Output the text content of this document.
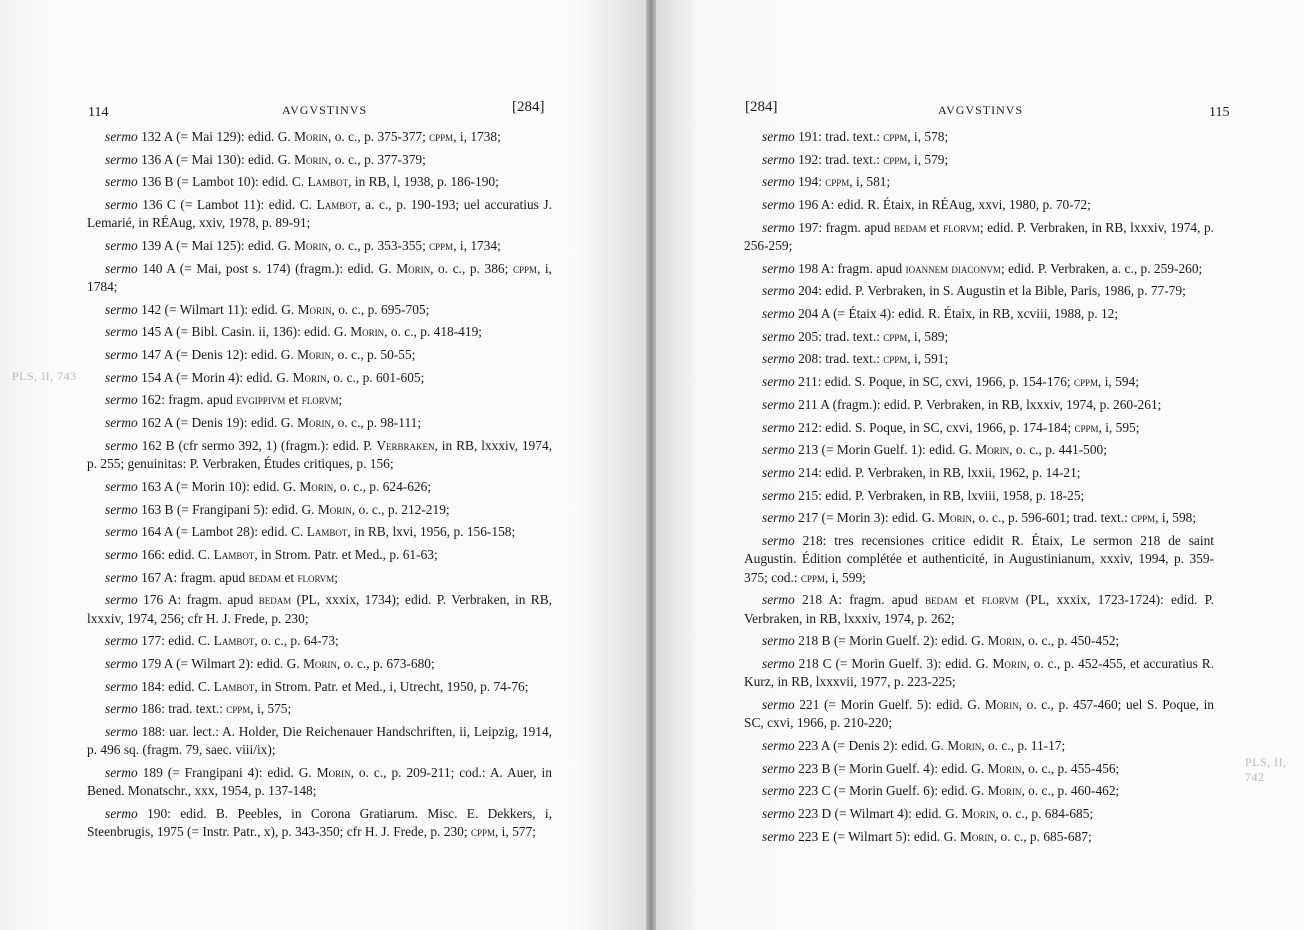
PLS, II, 743
PLS, II, 742
114	AVGVSTINVS	[284]	[284]	AVGVSTINVS	115

sermo 132 A (= Mai 129): edid. G. Morin, o. c., p. 375-377; cppm, i, 1738;

sermo 136 A (= Mai 130): edid. G. Morin, o. c., p. 377-379;

sermo 136 B (= Lambot 10): edid. C. Lambot, in RB, l, 1938, p. 186-190;

sermo 136 C (= Lambot 11): edid. C. Lambot, a. c., p. 190-193; uel accuratius J. Lemarié, in RÉAug, xxiv, 1978, p. 89-91;

sermo 139 A (= Mai 125): edid. G. Morin, o. c., p. 353-355; cppm, i, 1734;

sermo 140 A (= Mai, post s. 174) (fragm.): edid. G. Morin, o. c., p. 386; cppm, i, 1784;

sermo 142 (= Wilmart 11): edid. G. Morin, o. c., p. 695-705;

sermo 145 A (= Bibl. Casin. ii, 136): edid. G. Morin, o. c., p. 418-419;

sermo 147 A (= Denis 12): edid. G. Morin, o. c., p. 50-55;

sermo 154 A (= Morin 4): edid. G. Morin, o. c., p. 601-605;

sermo 162: fragm. apud evgippivm et florvm;

sermo 162 A (= Denis 19): edid. G. Morin, o. c., p. 98-111;

sermo 162 B (cfr sermo 392, 1) (fragm.): edid. P. Verbraken, in RB, lxxxiv, 1974, p. 255; genuinitas: P. Verbraken, Études critiques, p. 156;

sermo 163 A (= Morin 10): edid. G. Morin, o. c., p. 624-626;

sermo 163 B (= Frangipani 5): edid. G. Morin, o. c., p. 212-219;

sermo 164 A (= Lambot 28): edid. C. Lambot, in RB, lxvi, 1956, p. 156-158;

sermo 166: edid. C. Lambot, in Strom. Patr. et Med., p. 61-63;

sermo 167 A: fragm. apud bedam et florvm;

sermo 176 A: fragm. apud bedam (PL, xxxix, 1734); edid. P. Verbraken, in RB, lxxxiv, 1974, 256; cfr H. J. Frede, p. 230;

sermo 177: edid. C. Lambot, o. c., p. 64-73;

sermo 179 A (= Wilmart 2): edid. G. Morin, o. c., p. 673-680;

sermo 184: edid. C. Lambot, in Strom. Patr. et Med., i, Utrecht, 1950, p. 74-76;

sermo 186: trad. text.: cppm, i, 575;

sermo 188: uar. lect.: A. Holder, Die Reichenauer Handschriften, ii, Leipzig, 1914, p. 496 sq. (fragm. 79, saec. viii/ix);

sermo 189 (= Frangipani 4): edid. G. Morin, o. c., p. 209-211; cod.: A. Auer, in Bened. Monatschr., xxx, 1954, p. 137-148;

sermo 190: edid. B. Peebles, in Corona Gratiarum. Misc. E. Dekkers, i, Steenbrugis, 1975 (= Instr. Patr., x), p. 343-350; cfr H. J. Frede, p. 230; cppm, i, 577;

sermo 191: trad. text.: cppm, i, 578;

sermo 192: trad. text.: cppm, i, 579;

sermo 194: cppm, i, 581;

sermo 196 A: edid. R. Étaix, in RÉAug, xxvi, 1980, p. 70-72;

sermo 197: fragm. apud bedam et florvm; edid. P. Verbraken, in RB, lxxxiv, 1974, p. 256-259;

sermo 198 A: fragm. apud ioannem diaconvm; edid. P. Verbraken, a. c., p. 259-260;

sermo 204: edid. P. Verbraken, in S. Augustin et la Bible, Paris, 1986, p. 77-79;

sermo 204 A (= Étaix 4): edid. R. Étaix, in RB, xcviii, 1988, p. 12;

sermo 205: trad. text.: cppm, i, 589;

sermo 208: trad. text.: cppm, i, 591;

sermo 211: edid. S. Poque, in SC, cxvi, 1966, p. 154-176; cppm, i, 594;

sermo 211 A (fragm.): edid. P. Verbraken, in RB, lxxxiv, 1974, p. 260-261;

sermo 212: edid. S. Poque, in SC, cxvi, 1966, p. 174-184; cppm, i, 595;

sermo 213 (= Morin Guelf. 1): edid. G. Morin, o. c., p. 441-500;

sermo 214: edid. P. Verbraken, in RB, lxxii, 1962, p. 14-21;

sermo 215: edid. P. Verbraken, in RB, lxviii, 1958, p. 18-25;

sermo 217 (= Morin 3): edid. G. Morin, o. c., p. 596-601; trad. text.: cppm, i, 598;

sermo 218: tres recensiones critice edidit R. Étaix, Le sermon 218 de saint Augustin. Édition complétée et authenticité, in Augustinianum, xxxiv, 1994, p. 359-375; cod.: cppm, i, 599;

sermo 218 A: fragm. apud bedam et florvm (PL, xxxix, 1723-1724): edid. P. Verbraken, in RB, lxxxiv, 1974, p. 262;

sermo 218 B (= Morin Guelf. 2): edid. G. Morin, o. c., p. 450-452;

sermo 218 C (= Morin Guelf. 3): edid. G. Morin, o. c., p. 452-455, et accuratius R. Kurz, in RB, lxxxvii, 1977, p. 223-225;

sermo 221 (= Morin Guelf. 5): edid. G. Morin, o. c., p. 457-460; uel S. Poque, in SC, cxvi, 1966, p. 210-220;

sermo 223 A (= Denis 2): edid. G. Morin, o. c., p. 11-17;

sermo 223 B (= Morin Guelf. 4): edid. G. Morin, o. c., p. 455-456;

sermo 223 C (= Morin Guelf. 6): edid. G. Morin, o. c., p. 460-462;

sermo 223 D (= Wilmart 4): edid. G. Morin, o. c., p. 684-685;

sermo 223 E (= Wilmart 5): edid. G. Morin, o. c., p. 685-687;
